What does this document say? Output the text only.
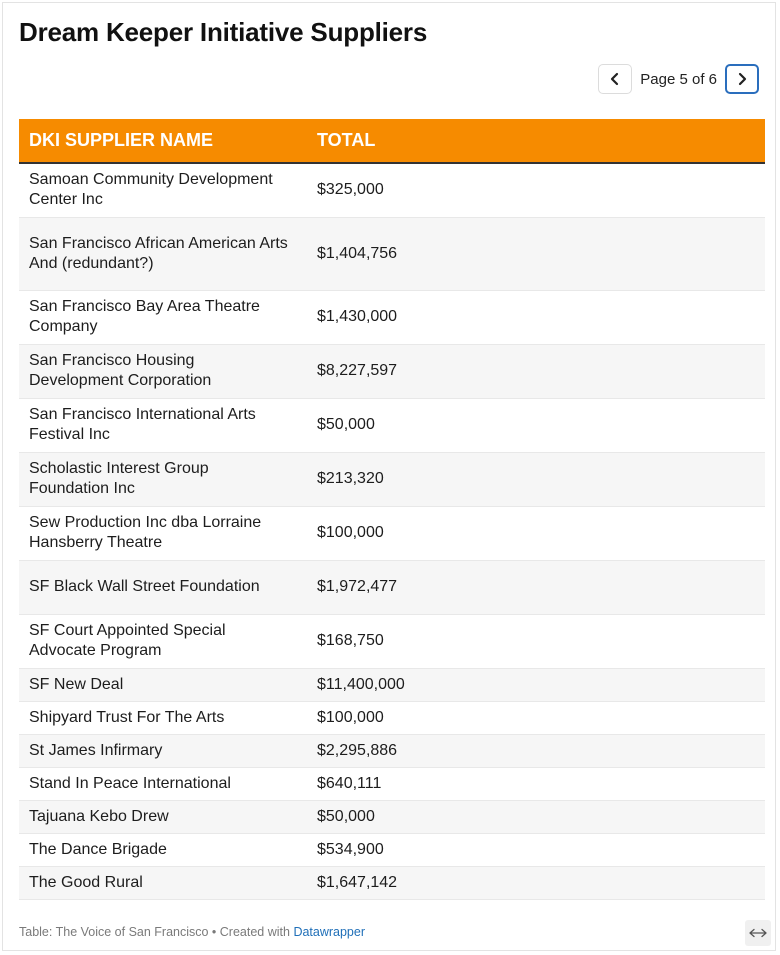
Dream Keeper Initiative Suppliers
Page 5 of 6
DKI SUPPLIER NAME	TOTAL
Samoan Community Development Center Inc	$325,000
San Francisco African American Arts And (redundant?)	$1,404,756
San Francisco Bay Area Theatre Company	$1,430,000
San Francisco Housing Development Corporation	$8,227,597
San Francisco International Arts Festival Inc	$50,000
Scholastic Interest Group Foundation Inc	$213,320
Sew Production Inc dba Lorraine Hansberry Theatre	$100,000
SF Black Wall Street Foundation	$1,972,477
SF Court Appointed Special Advocate Program	$168,750
SF New Deal	$11,400,000
Shipyard Trust For The Arts	$100,000
St James Infirmary	$2,295,886
Stand In Peace International	$640,111
Tajuana Kebo Drew	$50,000
The Dance Brigade	$534,900
The Good Rural	$1,647,142
Table: The Voice of San Francisco • Created with Datawrapper
